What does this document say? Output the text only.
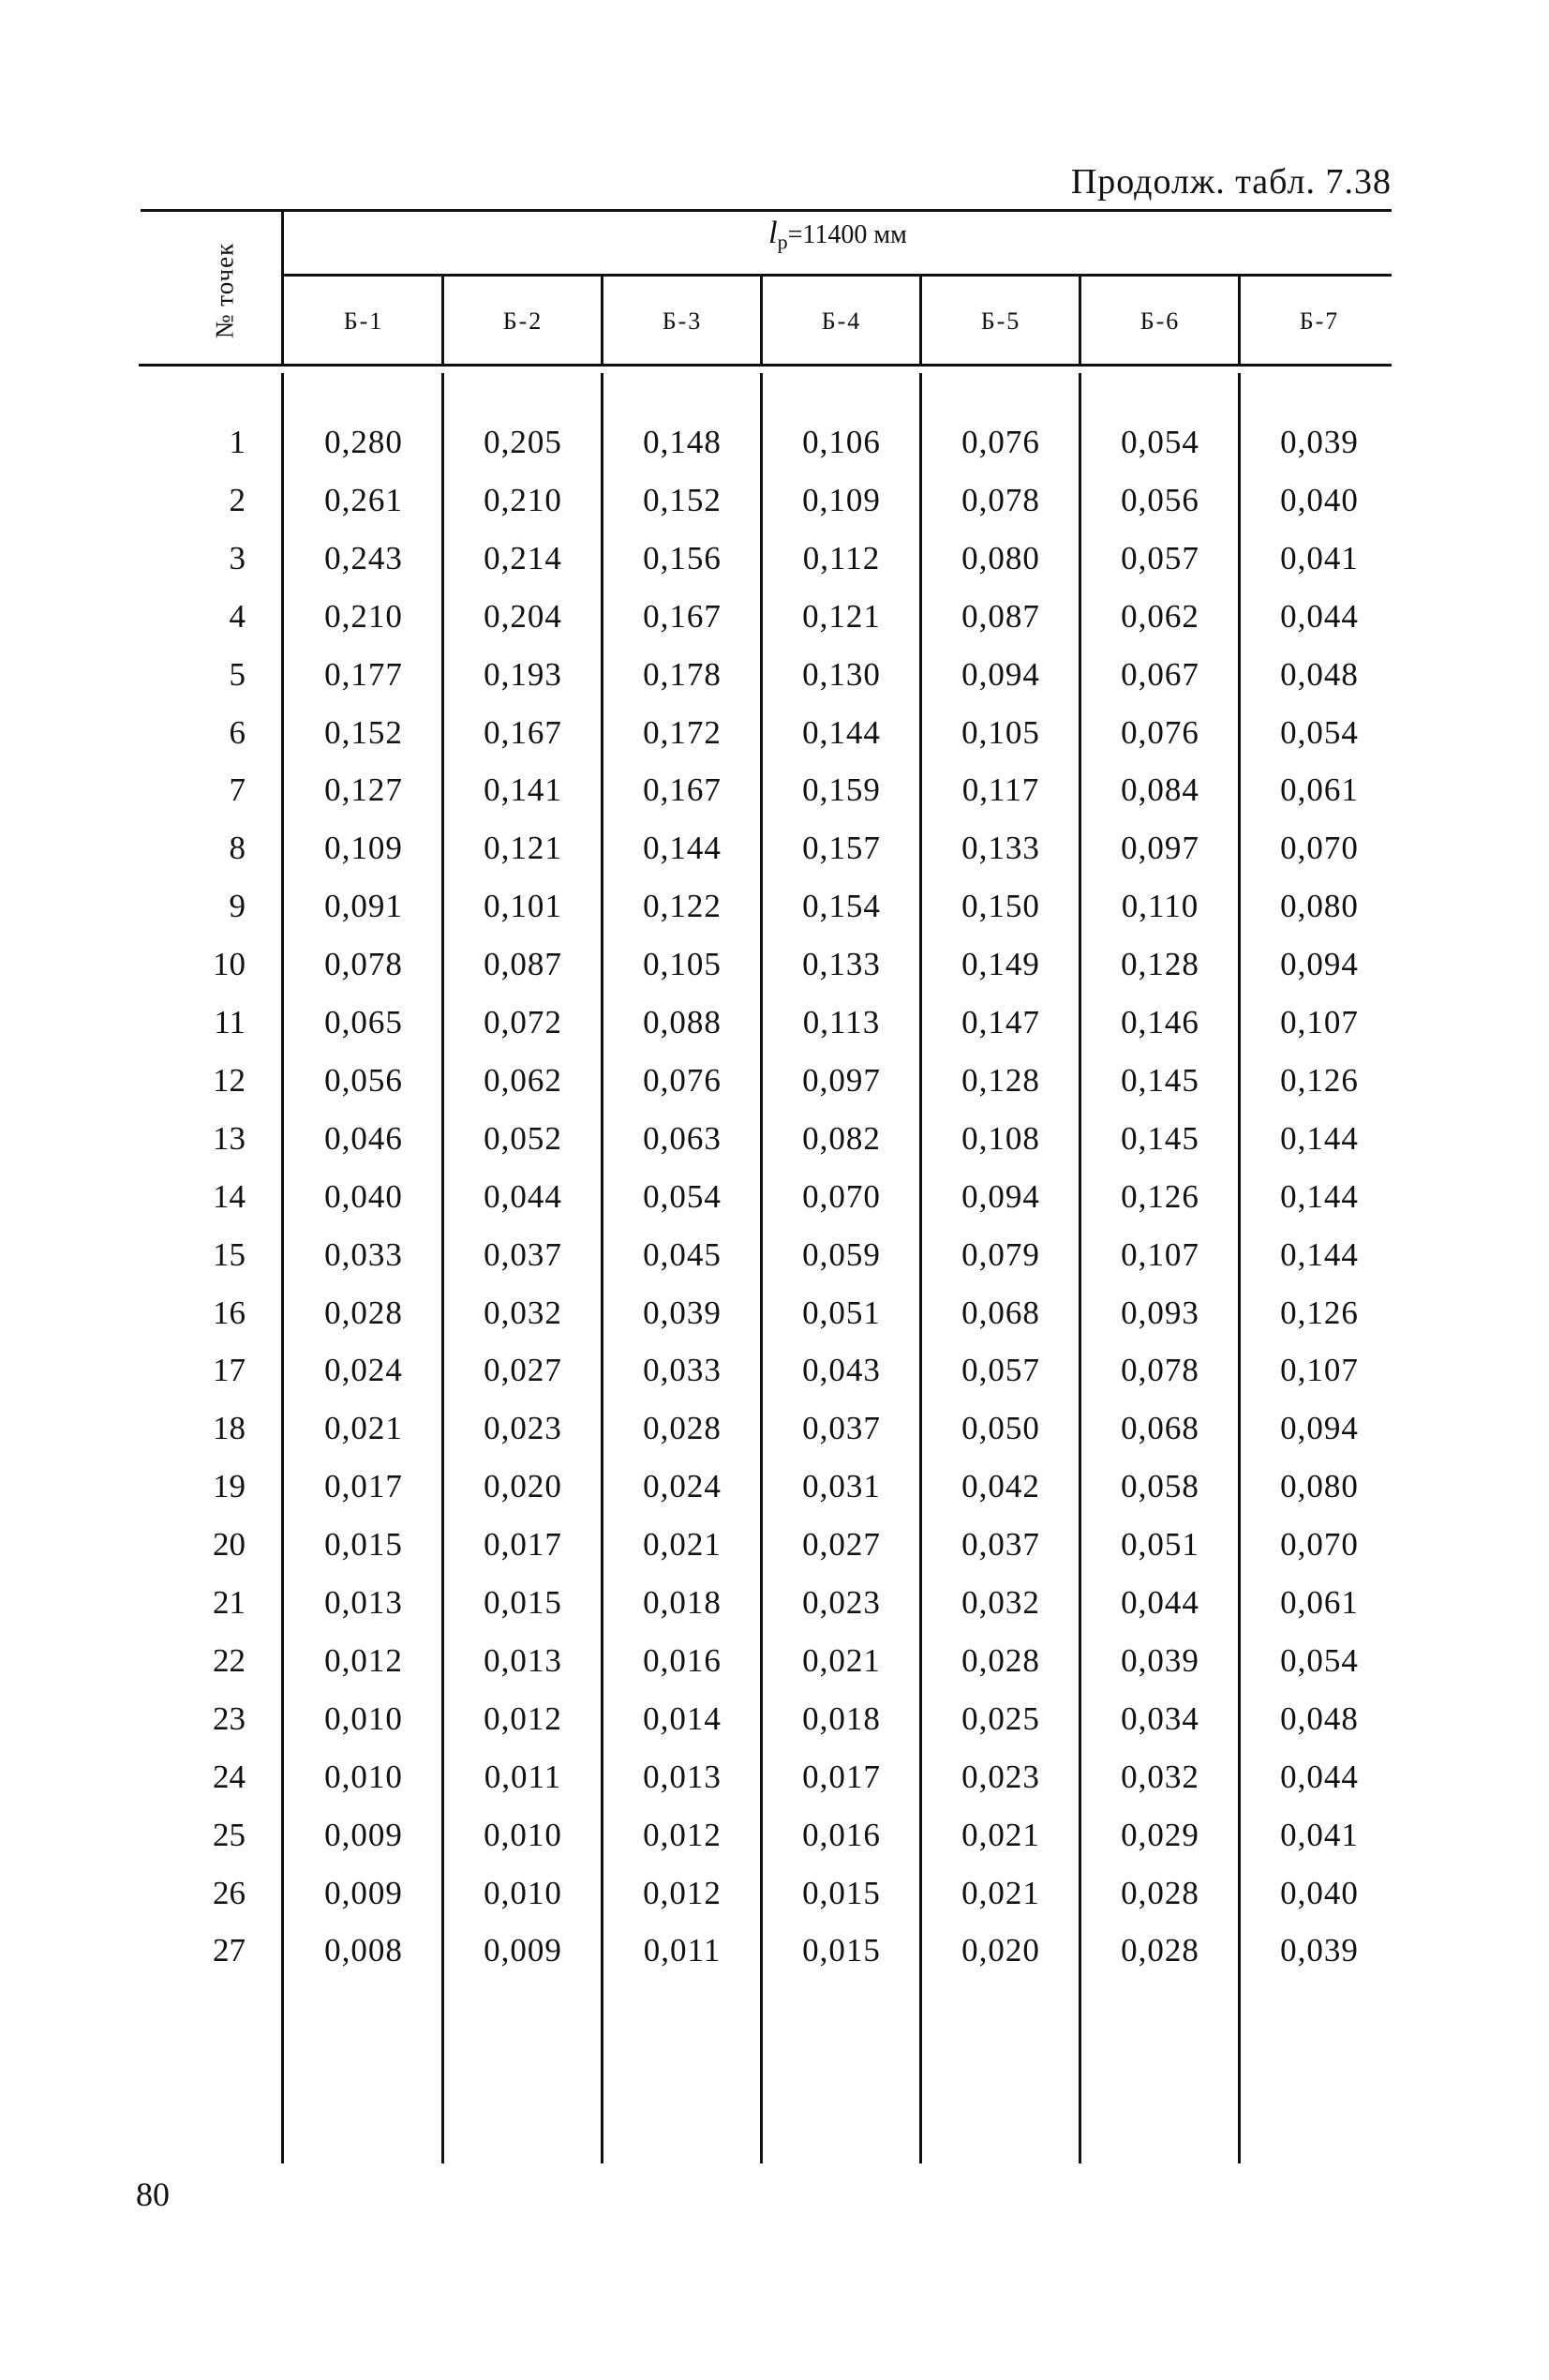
Продолж. табл. 7.38
№ точек
$l_р=11400$ мм
Б-1	Б-2	Б-3	Б-4	Б-5	Б-6	Б-7
1	0,280	0,205	0,148	0,106	0,076	0,054	0,039
2	0,261	0,210	0,152	0,109	0,078	0,056	0,040
3	0,243	0,214	0,156	0,112	0,080	0,057	0,041
4	0,210	0,204	0,167	0,121	0,087	0,062	0,044
5	0,177	0,193	0,178	0,130	0,094	0,067	0,048
6	0,152	0,167	0,172	0,144	0,105	0,076	0,054
7	0,127	0,141	0,167	0,159	0,117	0,084	0,061
8	0,109	0,121	0,144	0,157	0,133	0,097	0,070
9	0,091	0,101	0,122	0,154	0,150	0,110	0,080
10	0,078	0,087	0,105	0,133	0,149	0,128	0,094
11	0,065	0,072	0,088	0,113	0,147	0,146	0,107
12	0,056	0,062	0,076	0,097	0,128	0,145	0,126
13	0,046	0,052	0,063	0,082	0,108	0,145	0,144
14	0,040	0,044	0,054	0,070	0,094	0,126	0,144
15	0,033	0,037	0,045	0,059	0,079	0,107	0,144
16	0,028	0,032	0,039	0,051	0,068	0,093	0,126
17	0,024	0,027	0,033	0,043	0,057	0,078	0,107
18	0,021	0,023	0,028	0,037	0,050	0,068	0,094
19	0,017	0,020	0,024	0,031	0,042	0,058	0,080
20	0,015	0,017	0,021	0,027	0,037	0,051	0,070
21	0,013	0,015	0,018	0,023	0,032	0,044	0,061
22	0,012	0,013	0,016	0,021	0,028	0,039	0,054
23	0,010	0,012	0,014	0,018	0,025	0,034	0,048
24	0,010	0,011	0,013	0,017	0,023	0,032	0,044
25	0,009	0,010	0,012	0,016	0,021	0,029	0,041
26	0,009	0,010	0,012	0,015	0,021	0,028	0,040
27	0,008	0,009	0,011	0,015	0,020	0,028	0,039
80
